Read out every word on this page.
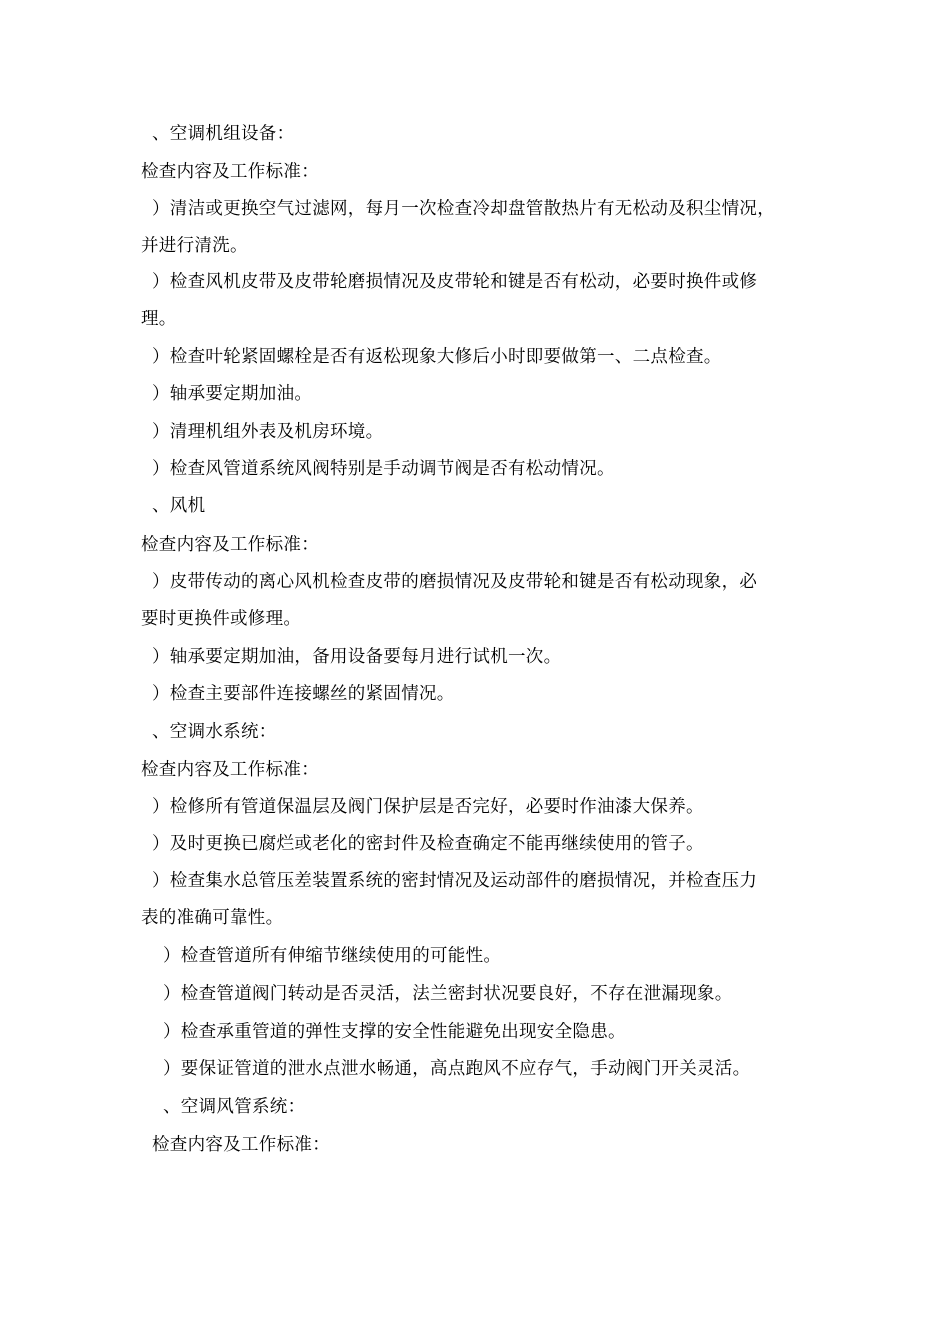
、空调机组设备：
检查内容及工作标准：
）清洁或更换空气过滤网，每月一次检查冷却盘管散热片有无松动及积尘情况，
并进行清洗。
）检查风机皮带及皮带轮磨损情况及皮带轮和键是否有松动，必要时换件或修
理。
）检查叶轮紧固螺栓是否有返松现象大修后小时即要做第一、二点检查。
）轴承要定期加油。
）清理机组外表及机房环境。
）检查风管道系统风阀特别是手动调节阀是否有松动情况。
、风机
检查内容及工作标准：
）皮带传动的离心风机检查皮带的磨损情况及皮带轮和键是否有松动现象，必
要时更换件或修理。
）轴承要定期加油，备用设备要每月进行试机一次。
）检查主要部件连接螺丝的紧固情况。
、空调水系统：
检查内容及工作标准：
）检修所有管道保温层及阀门保护层是否完好，必要时作油漆大保养。
）及时更换已腐烂或老化的密封件及检查确定不能再继续使用的管子。
）检查集水总管压差装置系统的密封情况及运动部件的磨损情况，并检查压力
表的准确可靠性。
）检查管道所有伸缩节继续使用的可能性。
）检查管道阀门转动是否灵活，法兰密封状况要良好，不存在泄漏现象。
）检查承重管道的弹性支撑的安全性能避免出现安全隐患。
）要保证管道的泄水点泄水畅通，高点跑风不应存气，手动阀门开关灵活。
、空调风管系统：
检查内容及工作标准：
